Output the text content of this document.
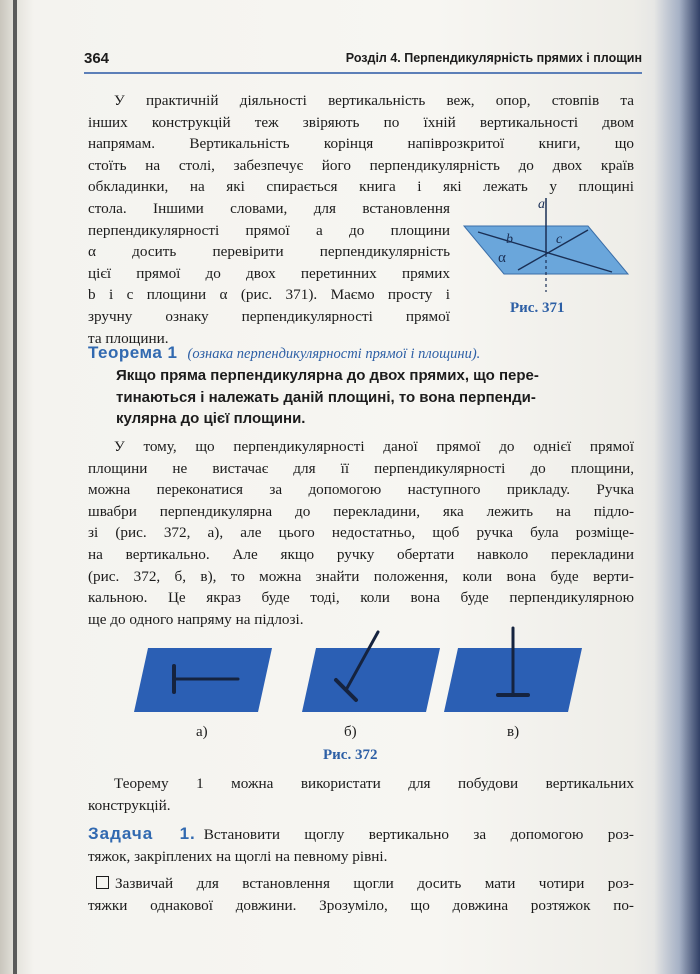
364	Розділ 4. Перпендикулярність прямих і площин
У практичній діяльності вертикальність веж, опор, стовпів та
інших конструкцій теж звіряють по їхній вертикальності двом
напрямам. Вертикальність корінця напіврозкритої книги, що
стоїть на столі, забезпечує його перпендикулярність до двох країв
обкладинки, на які спирається книга і які лежать у площині
стола. Іншими словами, для встановлення
перпендикулярності прямої a до площини
α досить перевірити перпендикулярність
цієї прямої до двох перетинних прямих
b і c площини α (рис. 371). Маємо просту і
зручну ознаку перпендикулярності прямої
та площини.
a
b	c
α
Рис. 371
Теорема 1 (ознака перпендикулярності прямої і площини).
Якщо пряма перпендикулярна до двох прямих, що пере-
тинаються і належать даній площині, то вона перпенди-
кулярна до цієї площини.
У тому, що перпендикулярності даної прямої до однієї прямої
площини не вистачає для її перпендикулярності до площини,
можна переконатися за допомогою наступного прикладу. Ручка
швабри перпендикулярна до перекладини, яка лежить на підло-
зі (рис. 372, а), але цього недостатньо, щоб ручка була розміще-
на вертикально. Але якщо ручку обертати навколо перекладини
(рис. 372, б, в), то можна знайти положення, коли вона буде верти-
кальною. Це якраз буде тоді, коли вона буде перпендикулярною
ще до одного напряму на підлозі.
а)	б)	в)
Рис. 372
Теорему 1 можна використати для побудови вертикальних
конструкцій.
Задача 1. Встановити щоглу вертикально за допомогою роз-
тяжок, закріплених на щоглі на певному рівні.
Зазвичай для встановлення щогли досить мати чотири роз-
тяжки однакової довжини. Зрозуміло, що довжина розтяжок по-
